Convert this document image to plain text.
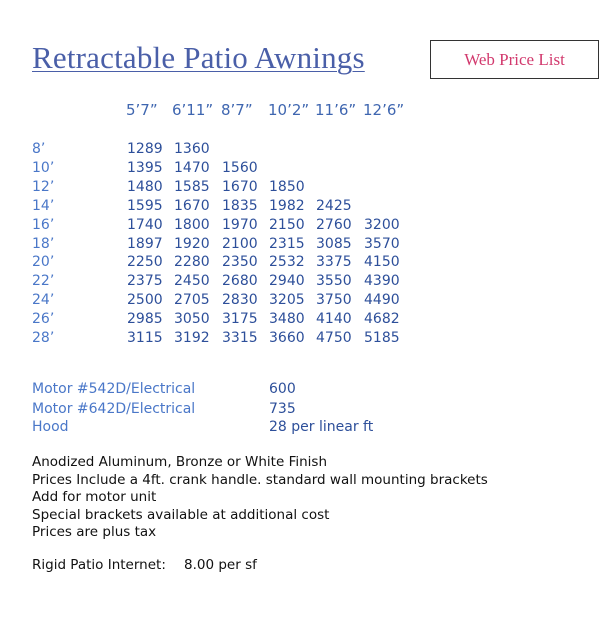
Retractable Patio Awnings	Web Price List
5’7” 6’11” 8’7” 10’2” 11’6” 12’6”
8’	1289 1360
10’	1395 1470 1560
12’	1480 1585 1670 1850
14’	1595 1670 1835 1982 2425
16’	1740 1800 1970 2150 2760 3200
18’	1897 1920 2100 2315 3085 3570
20’	2250 2280 2350 2532 3375 4150
22’	2375 2450 2680 2940 3550 4390
24’	2500 2705 2830 3205 3750 4490
26’	2985 3050 3175 3480 4140 4682
28’	3115 3192 3315 3660 4750 5185
Motor #542D/Electrical	600
Motor #642D/Electrical	735
Hood	28 per linear ft
Anodized Aluminum, Bronze or White Finish
Prices Include a 4ft. crank handle. standard wall mounting brackets
Add for motor unit
Special brackets available at additional cost
Prices are plus tax
Rigid Patio Internet: 8.00 per sf
